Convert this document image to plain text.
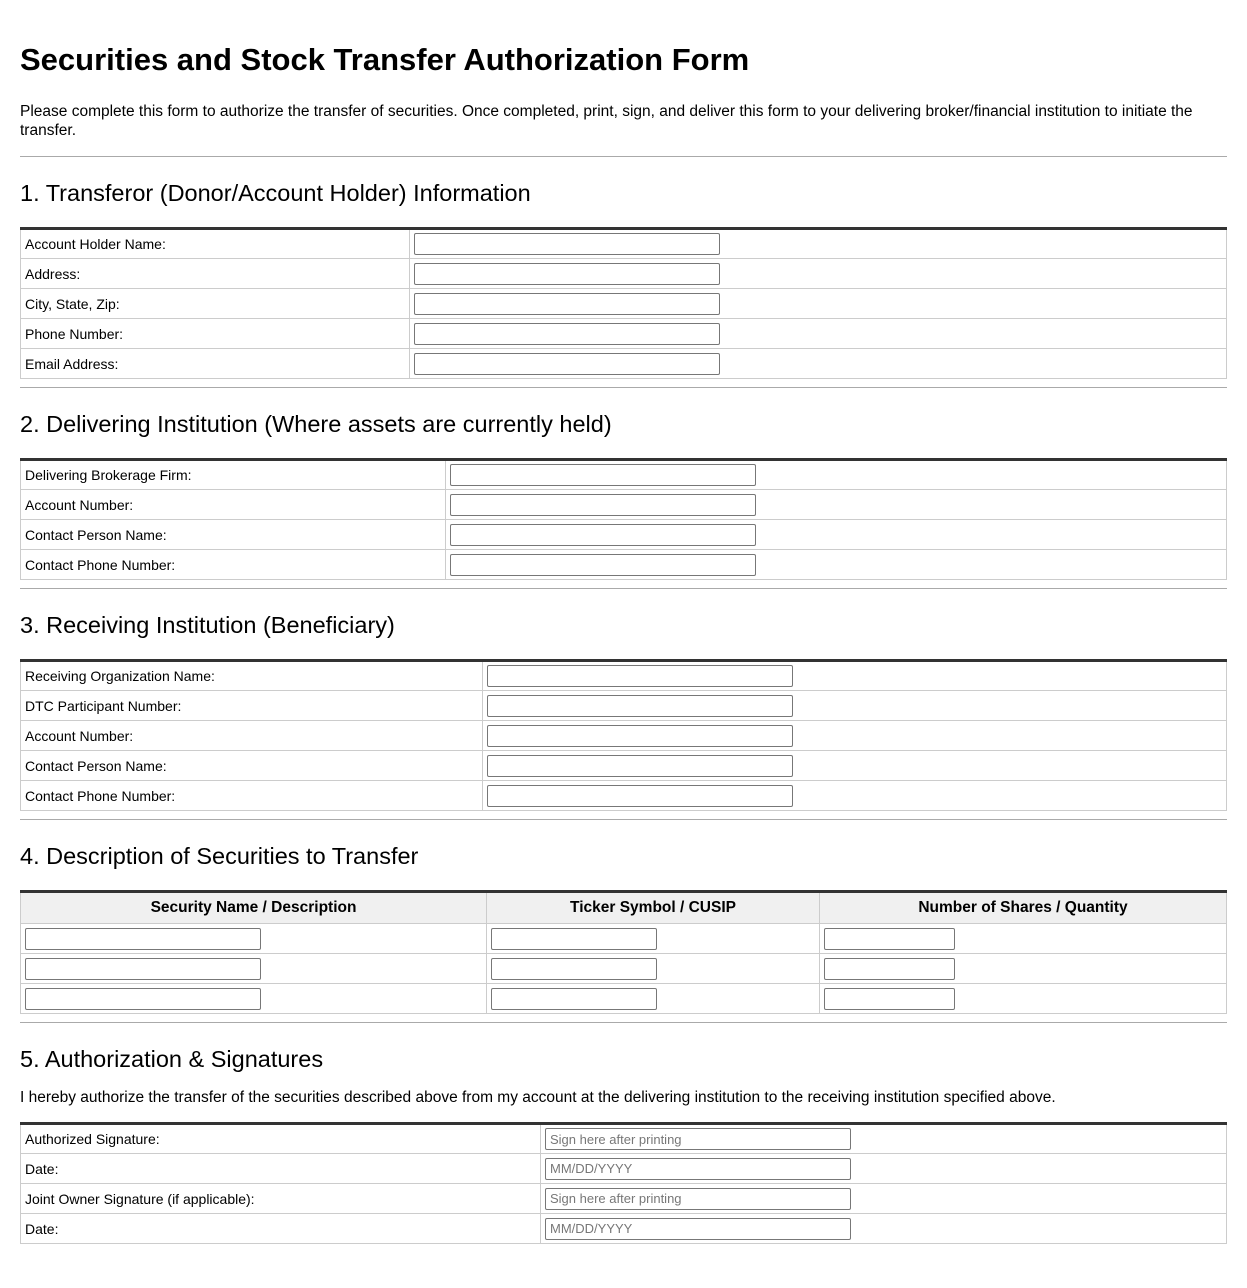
Securities and Stock Transfer Authorization Form

Please complete this form to authorize the transfer of securities. Once completed, print, sign, and deliver this form to your delivering broker/financial institution to initiate the transfer.

1. Transferor (Donor/Account Holder) Information
Account Holder Name:	
Address:	
City, State, Zip:	
Phone Number:	
Email Address:	
2. Delivering Institution (Where assets are currently held)
Delivering Brokerage Firm:	
Account Number:	
Contact Person Name:	
Contact Phone Number:	
3. Receiving Institution (Beneficiary)
Receiving Organization Name:	
DTC Participant Number:	
Account Number:	
Contact Person Name:	
Contact Phone Number:	
4. Description of Securities to Transfer
Security Name / Description	Ticker Symbol / CUSIP	Number of Shares / Quantity

5. Authorization & Signatures

I hereby authorize the transfer of the securities described above from my account at the delivering institution to the receiving institution specified above.

Authorized Signature:	Sign here after printing
Date:	MM/DD/YYYY
Joint Owner Signature (if applicable):	Sign here after printing
Date:	MM/DD/YYYY
